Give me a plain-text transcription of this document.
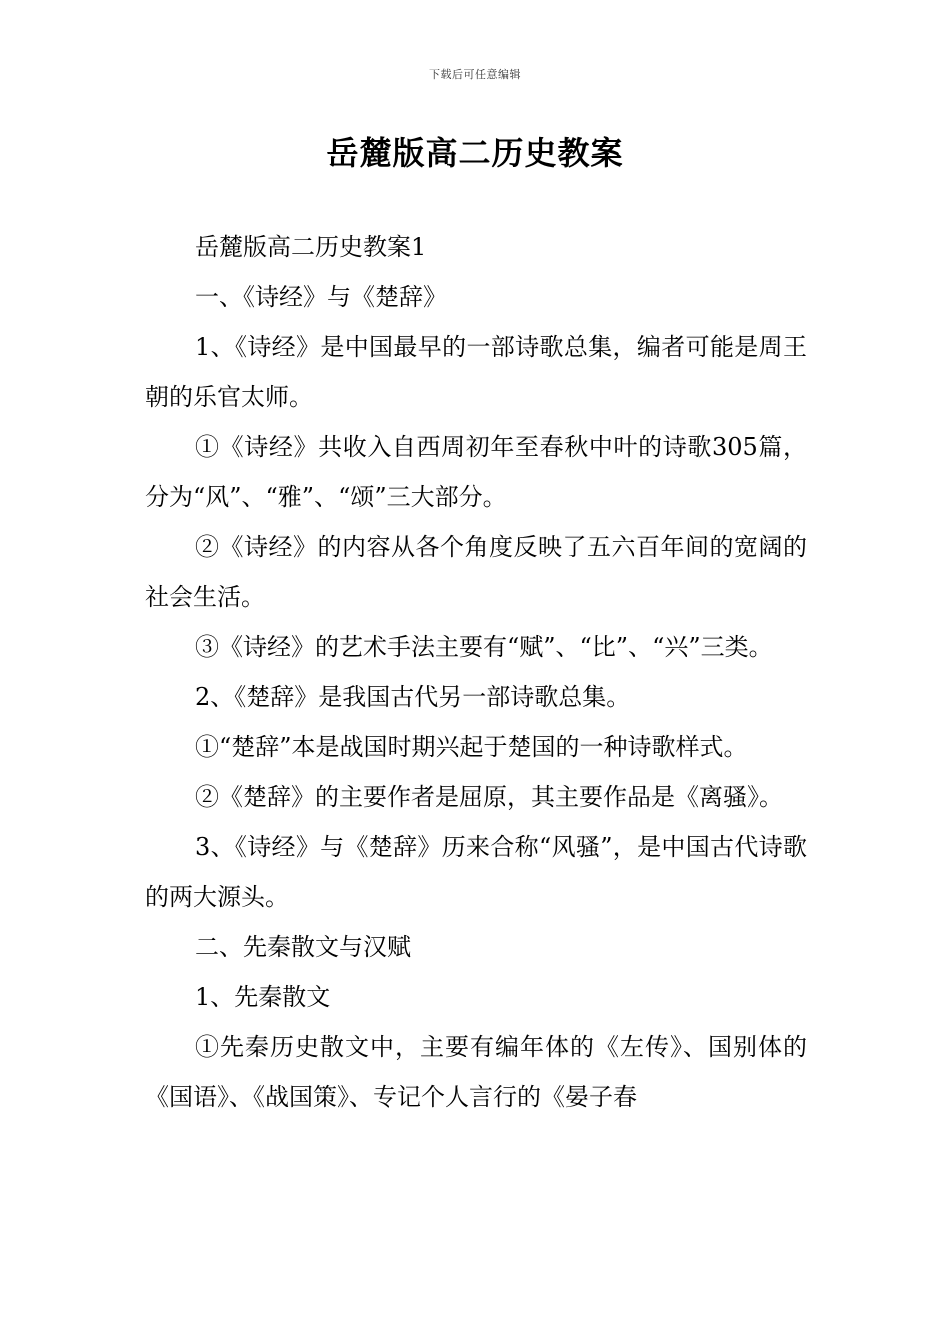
下载后可任意编辑
岳麓版高二历史教案

岳麓版高二历史教案1

一、《诗经》与《楚辞》

1、《诗经》是中国最早的一部诗歌总集，编者可能是周王朝的乐官太师。

①《诗经》共收入自西周初年至春秋中叶的诗歌305篇，分为“风”、“雅”、“颂”三大部分。

②《诗经》的内容从各个角度反映了五六百年间的宽阔的社会生活。

③《诗经》的艺术手法主要有“赋”、“比”、“兴”三类。

2、《楚辞》是我国古代另一部诗歌总集。

①“楚辞”本是战国时期兴起于楚国的一种诗歌样式。

②《楚辞》的主要作者是屈原，其主要作品是《离骚》。

3、《诗经》与《楚辞》历来合称“风骚”，是中国古代诗歌的两大源头。

二、先秦散文与汉赋

1、先秦散文

①先秦历史散文中，主要有编年体的《左传》、国别体的《国语》、《战国策》、专记个人言行的《晏子春
